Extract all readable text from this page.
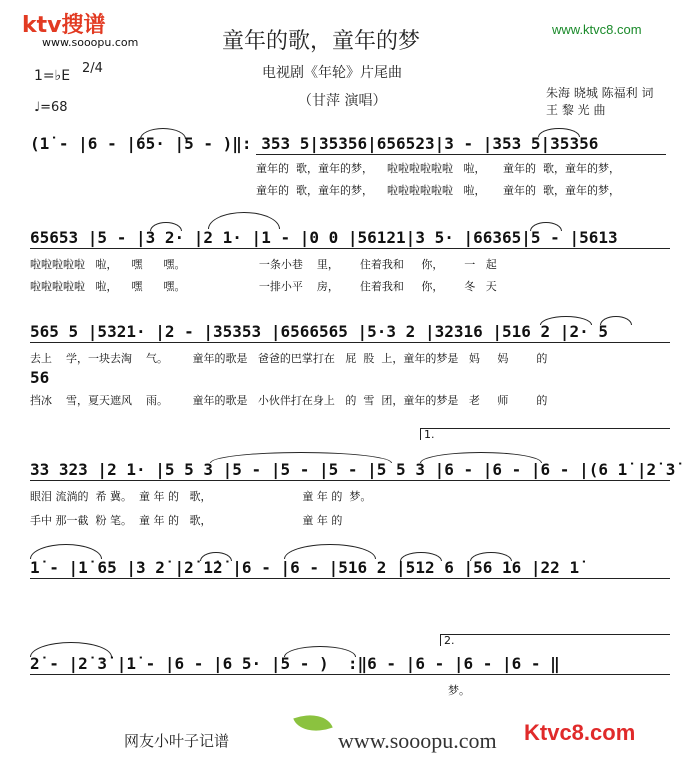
ktv搜谱
www.sooopu.com
www.ktvc8.com
童年的歌，童年的梦
电视剧《年轮》片尾曲
（甘萍 演唱）
1=♭E 2/4
♩=68
朱海 晓城 陈福利 词
王 黎 光 曲
(1̇ - |6 - |65· |5 - )‖: 353 5|35356|656523|3 - |353 5|35356
童年的  歌，童年的梦，    啦啦啦啦啦啦   啦，     童年的  歌，童年的梦，
童年的  歌，童年的梦，    啦啦啦啦啦啦   啦，     童年的  歌，童年的梦，
65653 |5 - |3 2· |2 1· |1 - |0 0 |56121|3 5· |66365|5 - |5613
啦啦啦啦啦   啦，    嘿      嘿。                     一条小巷    里，      住着我和     你，      一   起
啦啦啦啦啦   啦，    嘿      嘿。                     一排小平    房，      住着我和     你，      冬   天
565 5 |5321· |2 - |35353 |6566565 |5·3 2 |32316 |516 2 |2· 5
去上    学，一块去淘    气。       童年的歌是   爸爸的巴掌打在   屁  股  上，童年的梦是   妈     妈        的
56
挡冰    雪，夏天遮风    雨。       童年的歌是   小伙伴打在身上   的  雪  团，童年的梦是   老     师        的
1.
33 323 |2 1· |5 5 3 |5 - |5 - |5 - |5 5 3 |6 - |6 - |6 - |(6 1̇ |2̇ 3̇
眼泪 流淌的  希 冀。  童 年 的   歌，                          童 年 的  梦。
手中 那一截  粉 笔。  童 年 的   歌，                          童 年 的
1̇ - |1̇ 65 |3 2̇ |2̇ 1̇2̇ |6 - |6 - |516 2 |512 6 |56 16 |22 1̇
2.
2̇ - |2̇ 3̇ |1̇ - |6 - |6 5· |5 - )  :‖6 - |6 - |6 - |6 - ‖
梦。
网友小叶子记谱	www.sooopu.com Ktvc8.com
